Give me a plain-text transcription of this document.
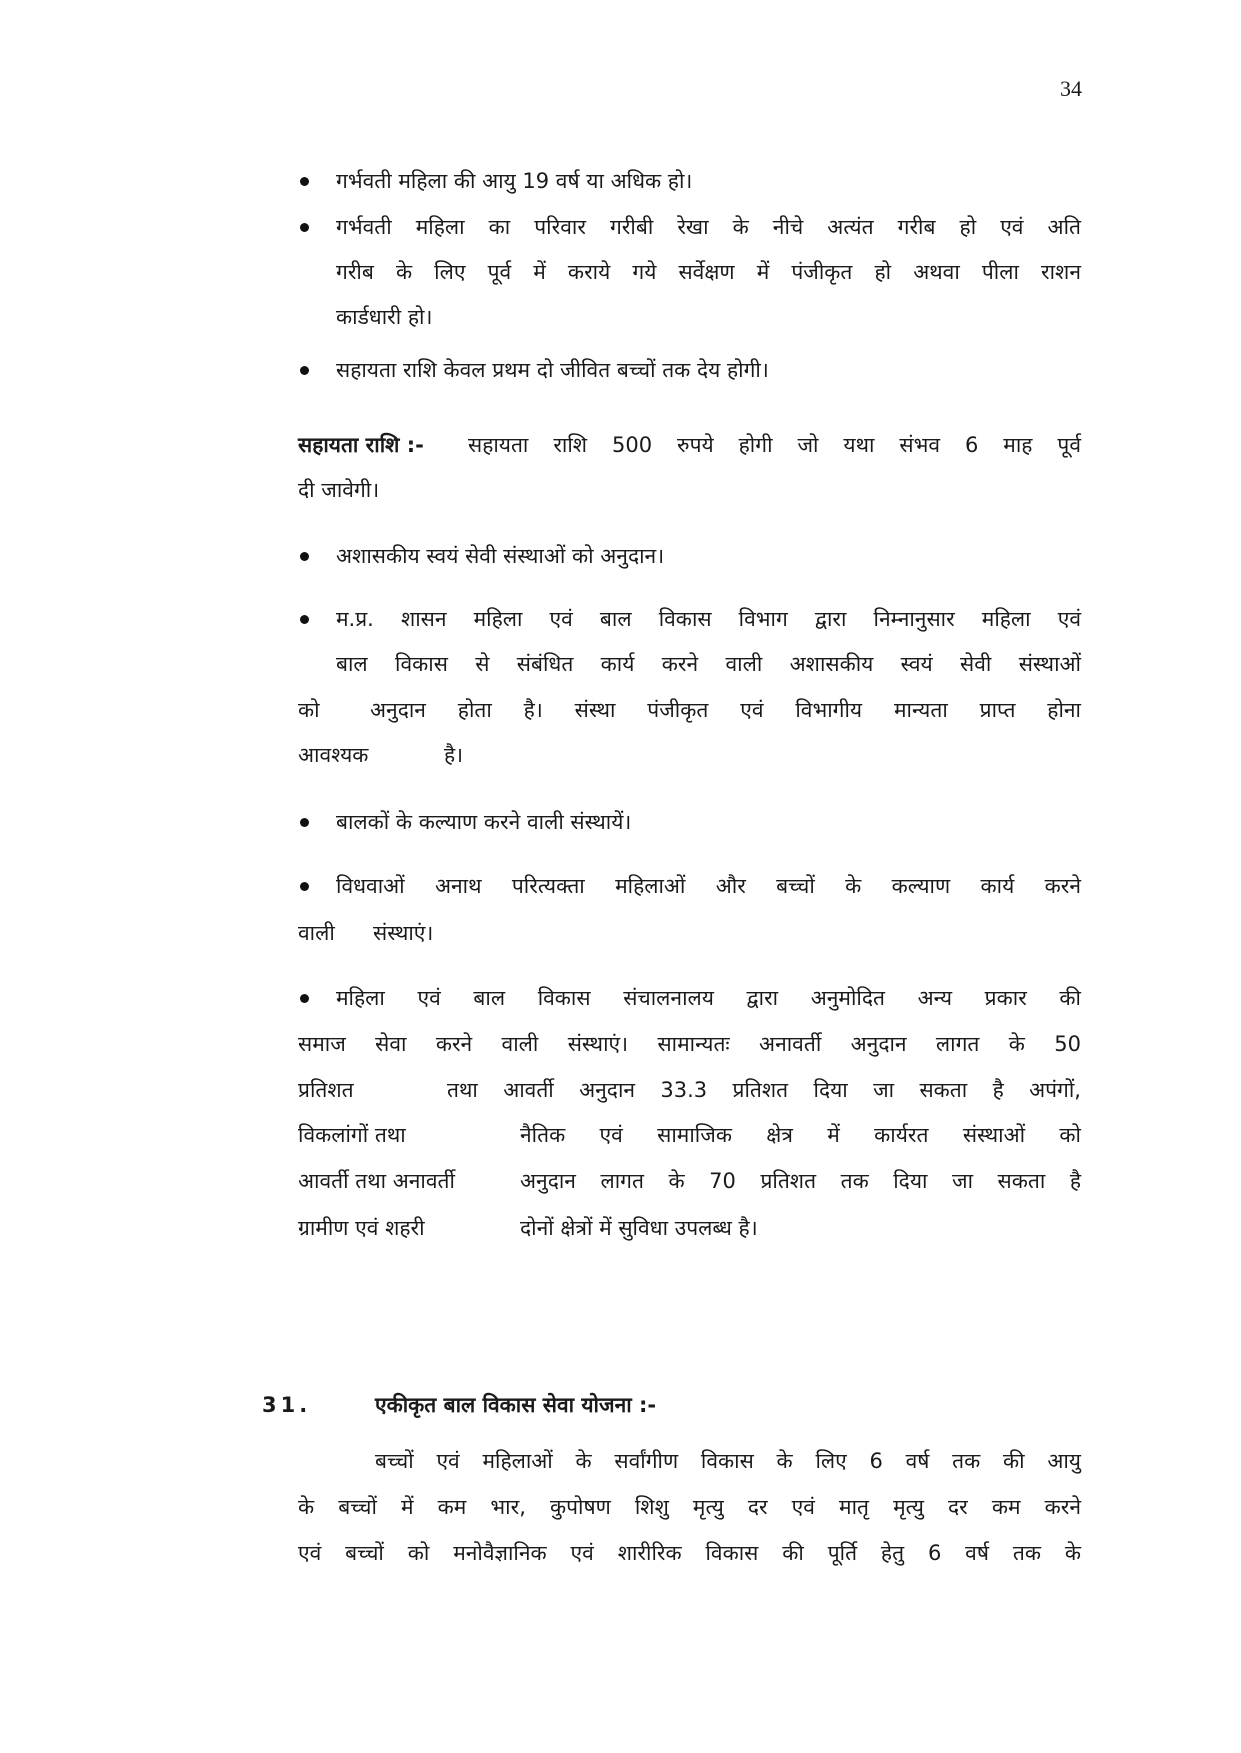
34
गर्भवती महिला की आयु 19 वर्ष या अधिक हो।
गर्भवती महिला का परिवार गरीबी रेखा के नीचे अत्यंत गरीब हो एवं अति
गरीब के लिए पूर्व में कराये गये सर्वेक्षण में पंजीकृत हो अथवा पीला राशन
कार्डधारी हो।
सहायता राशि केवल प्रथम दो जीवित बच्चों तक देय होगी।
सहायता राशि :- सहायता राशि 500 रुपये होगी जो यथा संभव 6 माह पूर्व
दी जावेगी।
अशासकीय स्वयं सेवी संस्थाओं को अनुदान।
म.प्र. शासन महिला एवं बाल विकास विभाग द्वारा निम्नानुसार महिला एवं
बाल विकास से संबंधित कार्य करने वाली अशासकीय स्वयं सेवी संस्थाओं
को अनुदान होता है। संस्था पंजीकृत एवं विभागीय मान्यता प्राप्त होना
आवश्यक	है।
बालकों के कल्याण करने वाली संस्थायें।
विधवाओं अनाथ परित्यक्ता महिलाओं और बच्चों के कल्याण कार्य करने
वाली संस्थाएं।
महिला एवं बाल विकास संचालनालय द्वारा अनुमोदित अन्य प्रकार की
समाज सेवा करने वाली संस्थाएं। सामान्यतः अनावर्ती अनुदान लागत के 50
प्रतिशत	तथा आवर्ती अनुदान 33.3 प्रतिशत दिया जा सकता है अपंगों,
विकलांगों तथा	नैतिक एवं सामाजिक क्षेत्र में कार्यरत संस्थाओं को
आवर्ती तथा अनावर्ती	अनुदान लागत के 70 प्रतिशत तक दिया जा सकता है
ग्रामीण एवं शहरी	दोनों क्षेत्रों में सुविधा उपलब्ध है।
31.	एकीकृत बाल विकास सेवा योजना :-
बच्चों एवं महिलाओं के सर्वांगीण विकास के लिए 6 वर्ष तक की आयु
के बच्चों में कम भार, कुपोषण शिशु मृत्यु दर एवं मातृ मृत्यु दर कम करने
एवं बच्चों को मनोवैज्ञानिक एवं शारीरिक विकास की पूर्ति हेतु 6 वर्ष तक के
